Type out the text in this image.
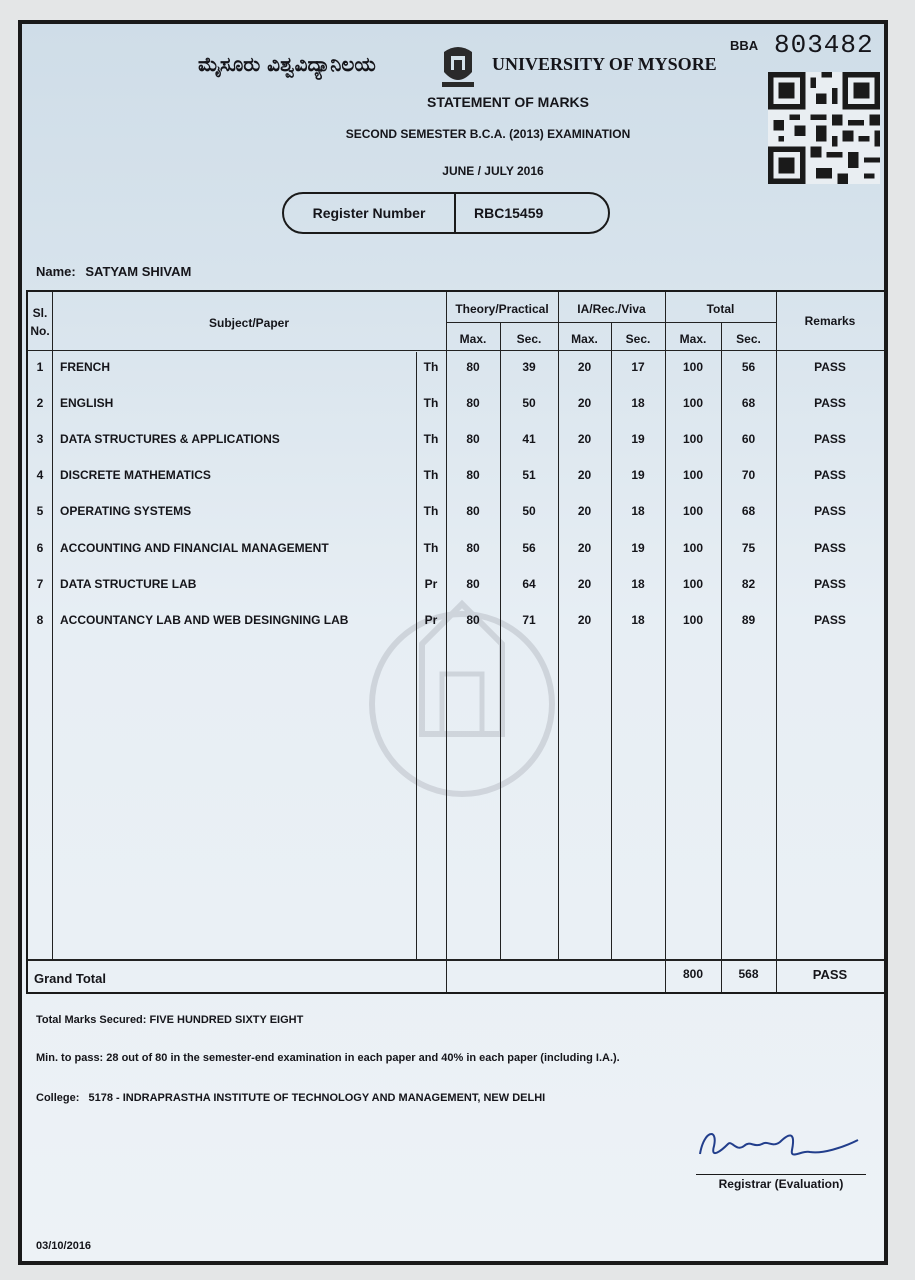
ಮೈಸೂರು ವಿಶ್ವವಿದ್ಯಾನಿಲಯ	UNIVERSITY OF MYSORE
BBA 803482
STATEMENT OF MARKS
SECOND SEMESTER B.C.A. (2013) EXAMINATION
JUNE / JULY 2016
Register Number	RBC15459
Name: SATYAM SHIVAM
Sl.
No.
Subject/Paper
Theory/Practical	IA/Rec./Viva	Total
Remarks
Max.	Sec.	Max.	Sec.	Max.	Sec.
1	FRENCH	Th	80	39	20	17	100	56	PASS
2	ENGLISH	Th	80	50	20	18	100	68	PASS
3	DATA STRUCTURES & APPLICATIONS	Th	80	41	20	19	100	60	PASS
4	DISCRETE MATHEMATICS	Th	80	51	20	19	100	70	PASS
5	OPERATING SYSTEMS	Th	80	50	20	18	100	68	PASS
6	ACCOUNTING AND FINANCIAL MANAGEMENT	Th	80	56	20	19	100	75	PASS
7	DATA STRUCTURE LAB	Pr	80	64	20	18	100	82	PASS
8	ACCOUNTANCY LAB AND WEB DESINGNING LAB	Pr	80	71	20	18	100	89	PASS
Grand Total	800	568	PASS
Total Marks Secured: FIVE HUNDRED SIXTY EIGHT
Min. to pass: 28 out of 80 in the semester-end examination in each paper and 40% in each paper (including I.A.).
College: 5178 - INDRAPRASTHA INSTITUTE OF TECHNOLOGY AND MANAGEMENT, NEW DELHI
Registrar (Evaluation)
03/10/2016
